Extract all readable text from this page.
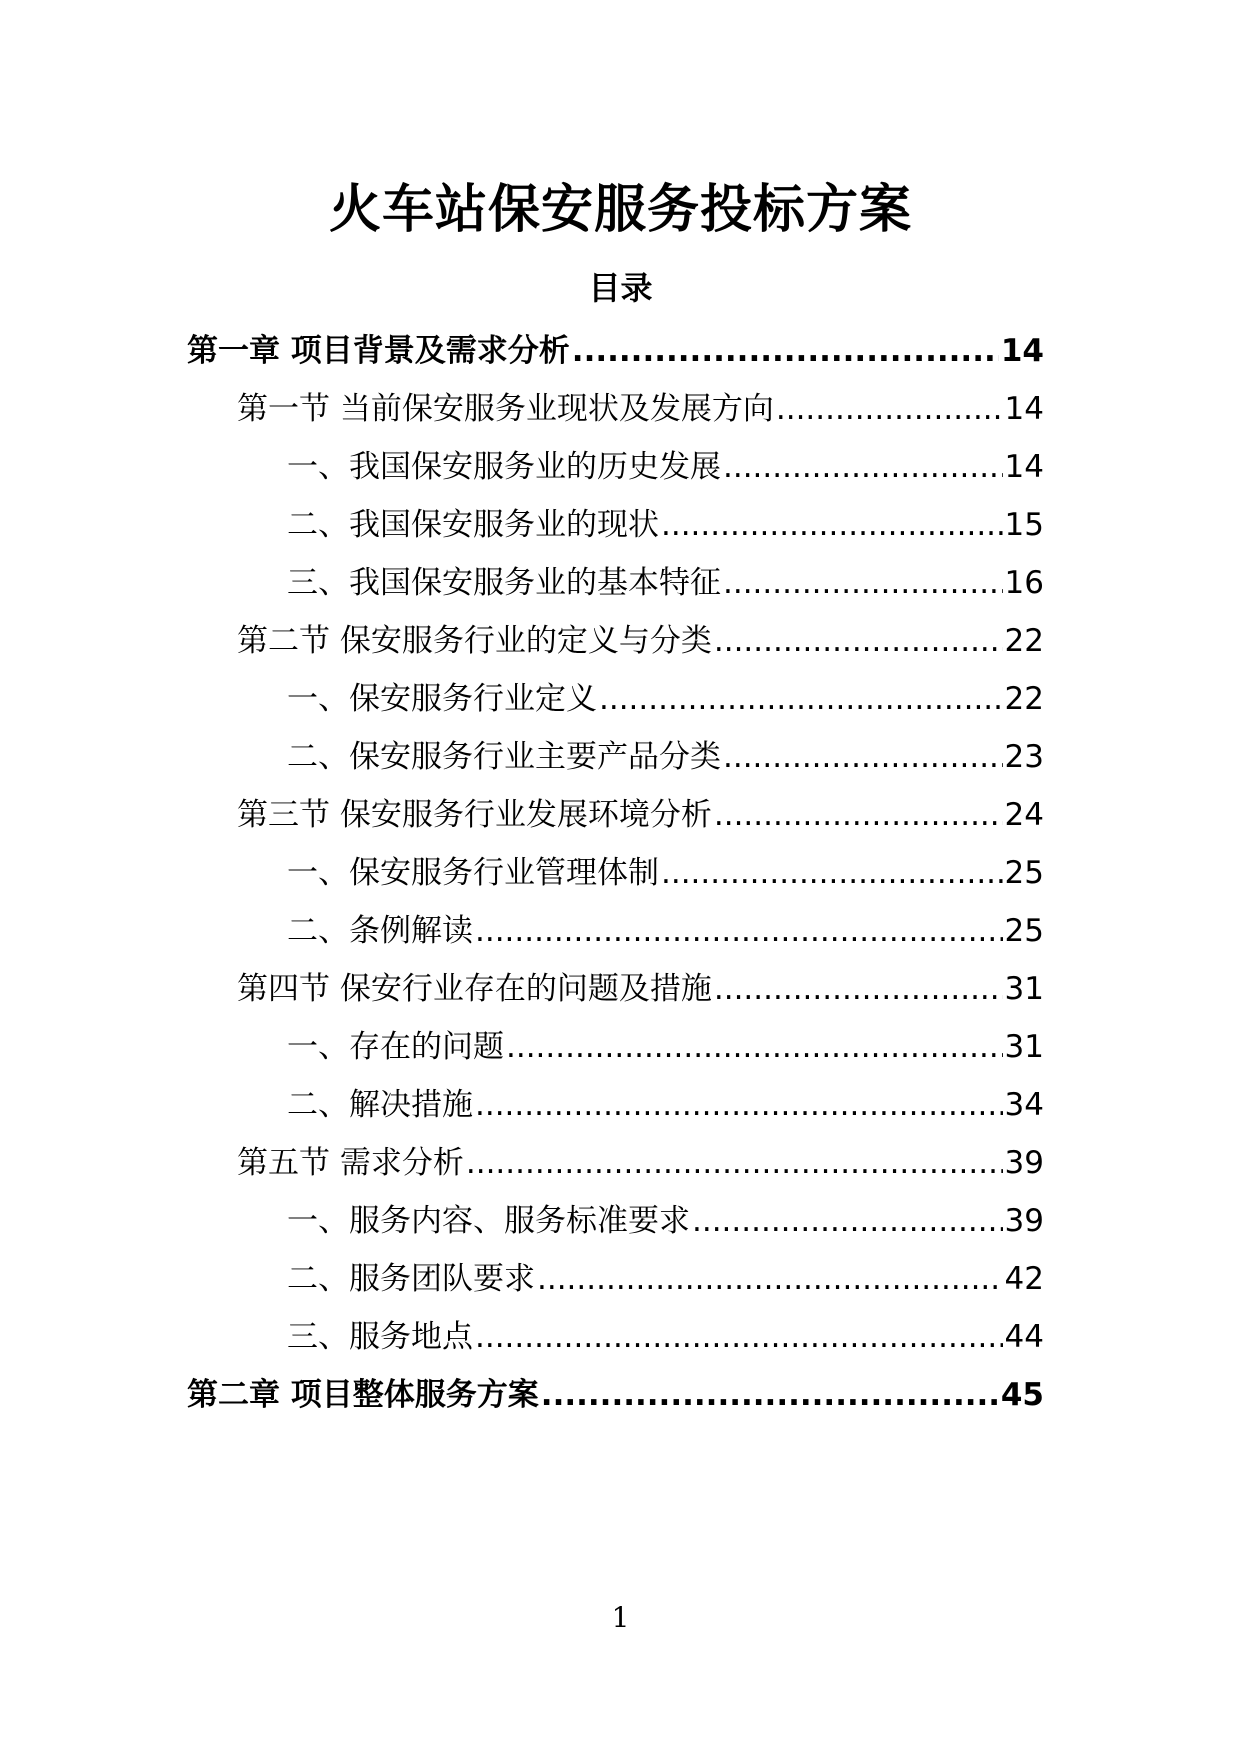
火车站保安服务投标方案
目录
第一章 项目背景及需求分析 .....	14
第一节 当前保安服务业现状及发展方向 .....	14
一、我国保安服务业的历史发展 .....	14
二、我国保安服务业的现状 .....	15
三、我国保安服务业的基本特征 .....	16
第二节 保安服务行业的定义与分类 .....	22
一、保安服务行业定义 .....	22
二、保安服务行业主要产品分类 .....	23
第三节 保安服务行业发展环境分析 .....	24
一、保安服务行业管理体制 .....	25
二、条例解读 .....	25
第四节 保安行业存在的问题及措施 .....	31
一、存在的问题 .....	31
二、解决措施 .....	34
第五节 需求分析 .....	39
一、服务内容、服务标准要求 .....	39
二、服务团队要求 .....	42
三、服务地点 .....	44
第二章 项目整体服务方案 .....	45
1
